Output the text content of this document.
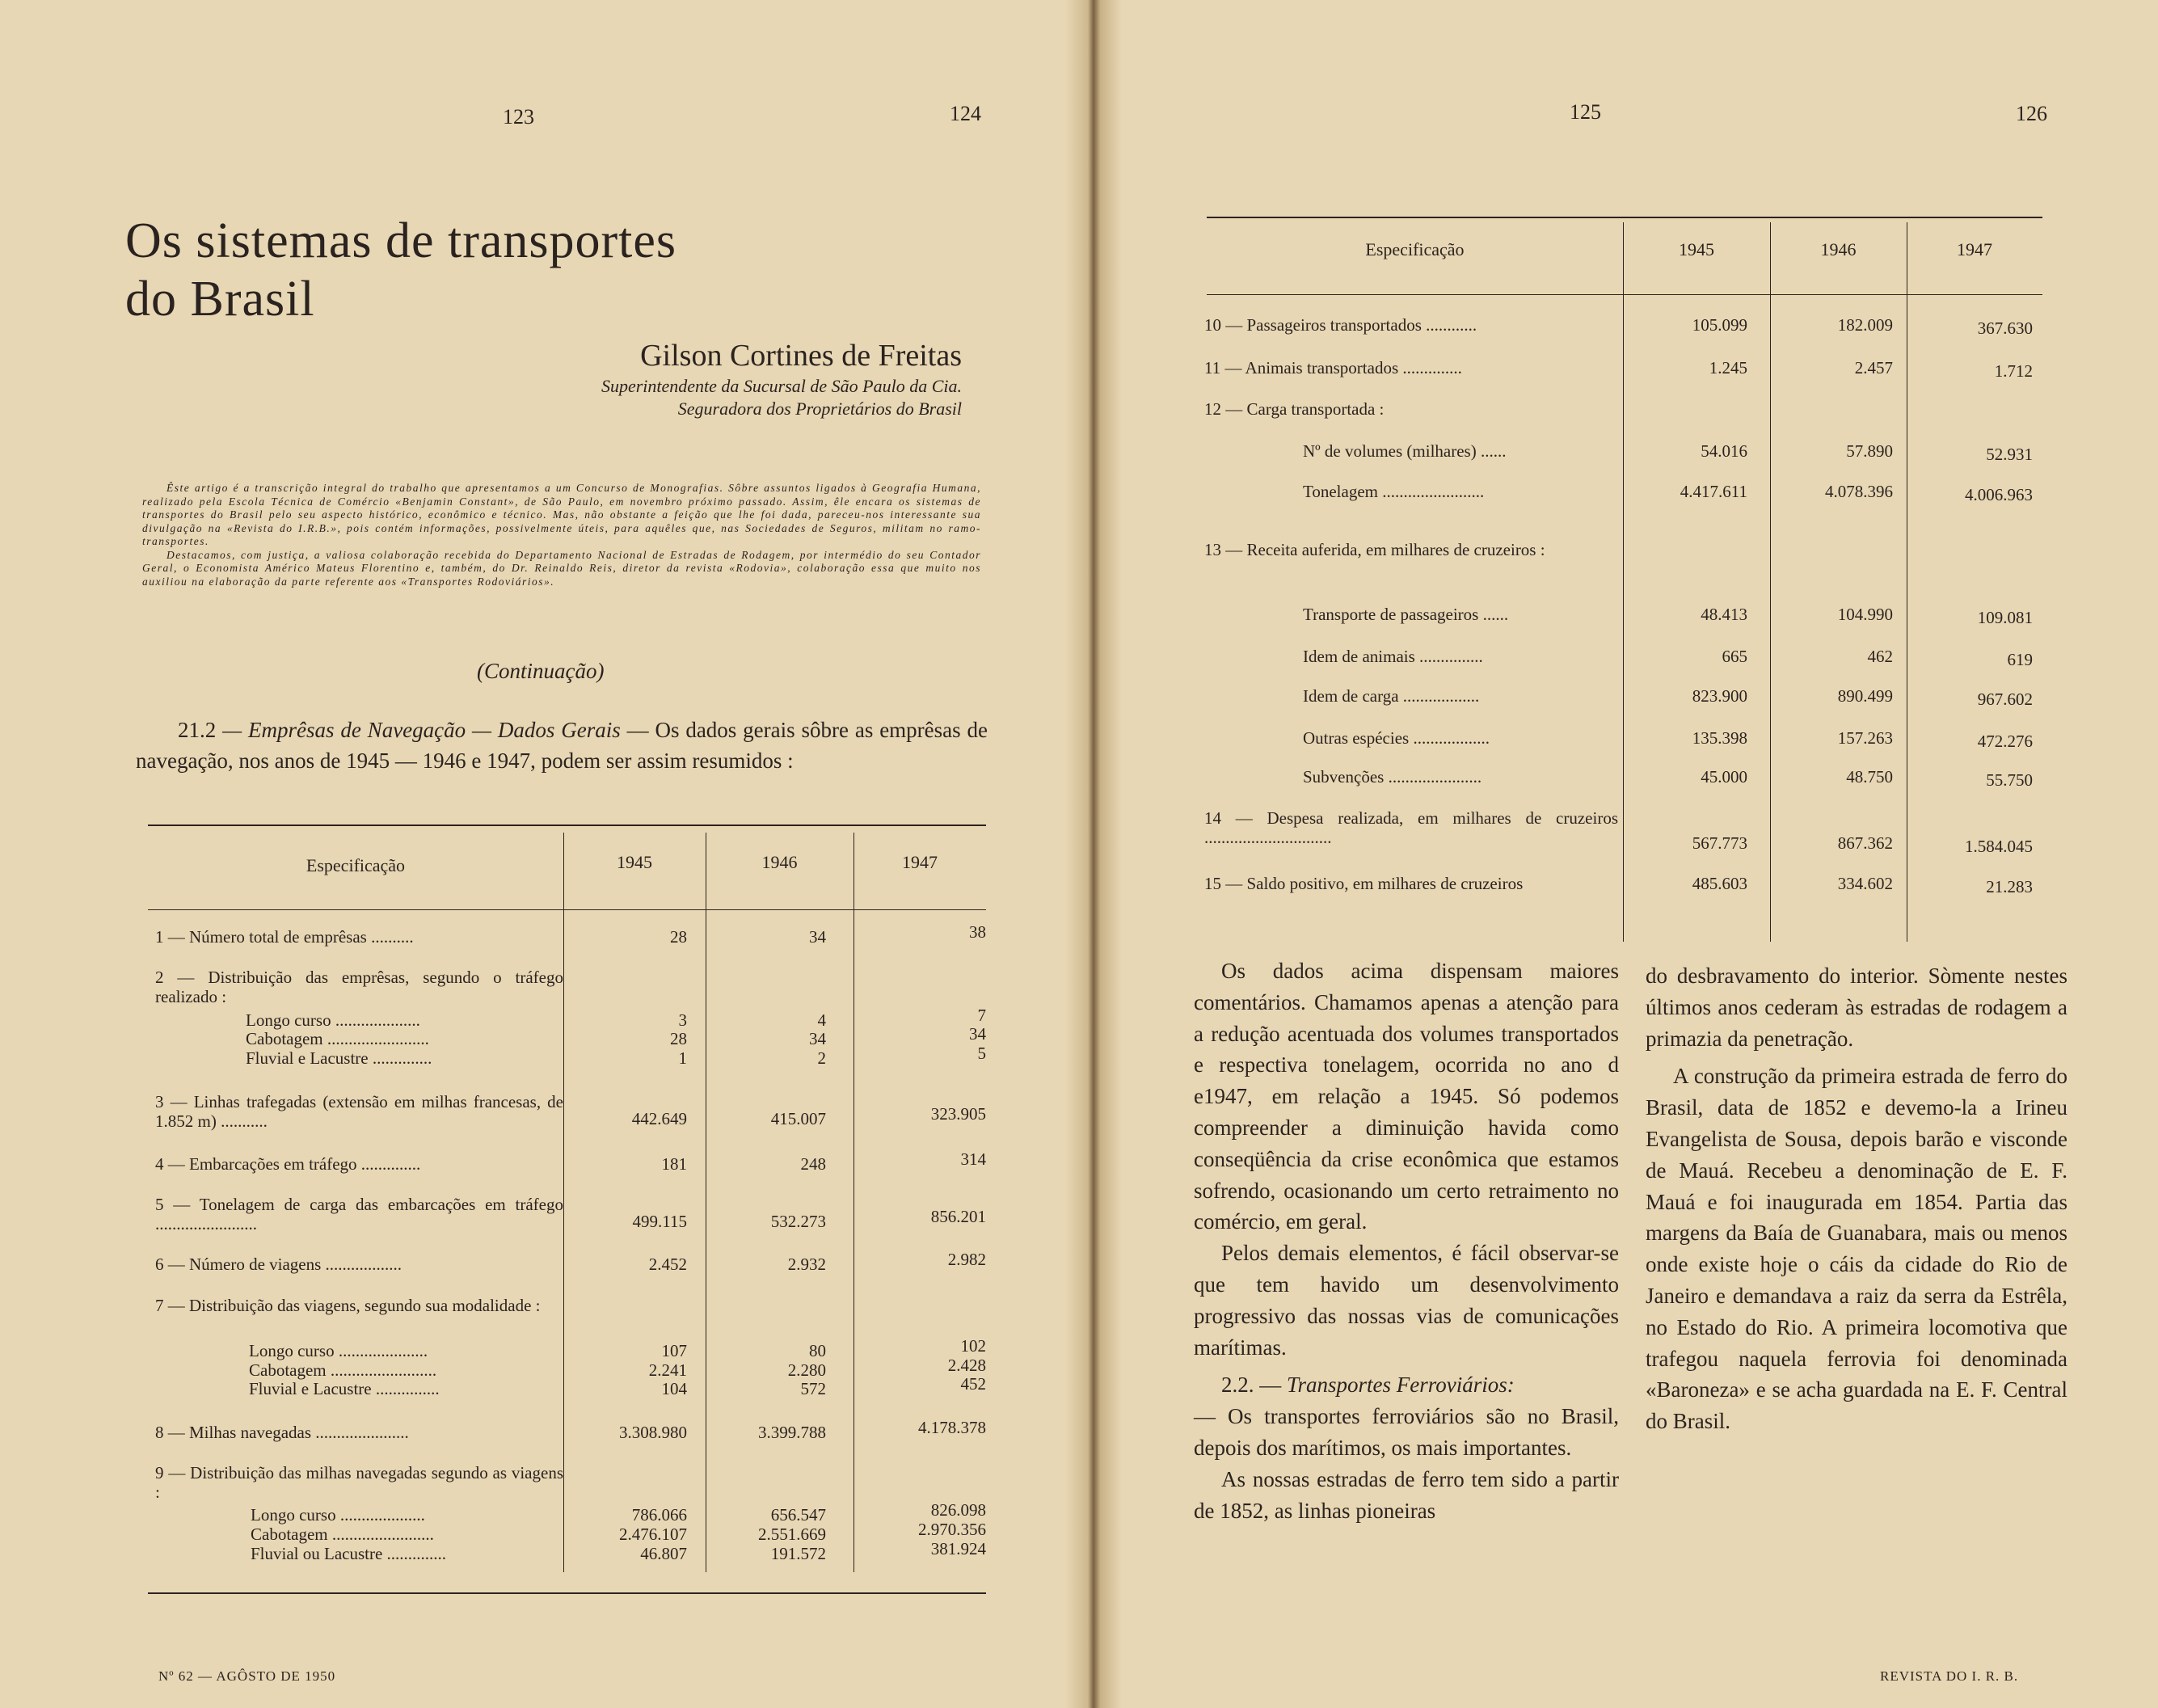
123	124
Os sistemas de transportes
do Brasil
Gilson Cortines de Freitas
Superintendente da Sucursal de São Paulo da Cia. Seguradora dos Proprietários do Brasil
Êste artigo é a transcrição integral do trabalho que apresentamos a um Concurso de Monografias. Sôbre assuntos ligados à Geografia Humana, realizado pela Escola Técnica de Comércio «Benjamin Constant», de São Paulo, em novembro próximo passado. Assim, êle encara os sistemas de transportes do Brasil pelo seu aspecto histórico, econômico e técnico. Mas, não obstante a feição que lhe foi dada, pareceu-nos interessante sua divulgação na «Revista do I.R.B.», pois contém informações, possivelmente úteis, para aquêles que, nas Sociedades de Seguros, militam no ramo-transportes.
Destacamos, com justiça, a valiosa colaboração recebida do Departamento Nacional de Estradas de Rodagem, por intermédio do seu Contador Geral, o Economista Américo Mateus Florentino e, também, do Dr. Reinaldo Reis, diretor da revista «Rodovia», colaboração essa que muito nos auxiliou na elaboração da parte referente aos «Transportes Rodoviários».
(Continuação)
21.2 — Emprêsas de Navegação — Dados Gerais — Os dados gerais sôbre as emprêsas de navegação, nos anos de 1945 — 1946 e 1947, podem ser assim resumidos :
Especificação	1945	1946	1947
1 — Número total de emprêsas ..........	28	34	38
2 — Distribuição das emprêsas, segundo o tráfego realizado :
Longo curso ....................	3	4	7
Cabotagem ........................	28	34	34
Fluvial e Lacustre ..............	1	2	5
3 — Linhas trafegadas (extensão em milhas francesas, de 1.852 m) ...........	442.649	415.007	323.905
4 — Embarcações em tráfego ..............	181	248	314
5 — Tonelagem de carga das embarcações em tráfego ........................	499.115	532.273	856.201
6 — Número de viagens ..................	2.452	2.932	2.982
7 — Distribuição das viagens, segundo sua modalidade :
Longo curso .....................	107	80	102
Cabotagem .........................	2.241	2.280	2.428
Fluvial e Lacustre ...............	104	572	452
8 — Milhas navegadas ......................	3.308.980	3.399.788	4.178.378
9 — Distribuição das milhas navegadas segundo as viagens :
Longo curso ....................	786.066	656.547	826.098
Cabotagem ........................	2.476.107	2.551.669	2.970.356
Fluvial ou Lacustre ..............	46.807	191.572	381.924
125	126
Especificação	1945	1946	1947
10 — Passageiros transportados ............	105.099	182.009	367.630
11 — Animais transportados ..............	1.245	2.457	1.712
12 — Carga transportada :
Nº de volumes (milhares) ......	54.016	57.890	52.931
Tonelagem ........................	4.417.611	4.078.396	4.006.963
13 — Receita auferida, em milhares de cruzeiros :
Transporte de passageiros ......	48.413	104.990	109.081
Idem de animais ...............	665	462	619
Idem de carga ..................	823.900	890.499	967.602
Outras espécies ..................	135.398	157.263	472.276
Subvenções ......................	45.000	48.750	55.750
14 — Despesa realizada, em milhares de cruzeiros ..............................	567.773	867.362	1.584.045
15 — Saldo positivo, em milhares de cruzeiros	485.603	334.602	21.283

Os dados acima dispensam maiores comentários. Chamamos apenas a atenção para a redução acentuada dos volumes transportados e respectiva tonelagem, ocorrida no ano d e1947, em relação a 1945. Só podemos compreender a diminuição havida como conseqüência da crise econômica que estamos sofrendo, ocasionando um certo retraimento no comércio, em geral.

Pelos demais elementos, é fácil observar-se que tem havido um desenvolvimento progressivo das nossas vias de comunicações marítimas.

2.2. — Transportes Ferroviários:

— Os transportes ferroviários são no Brasil, depois dos marítimos, os mais importantes.

As nossas estradas de ferro tem sido a partir de 1852, as linhas pioneiras

do desbravamento do interior. Sòmente nestes últimos anos cederam às estradas de rodagem a primazia da penetração.

A construção da primeira estrada de ferro do Brasil, data de 1852 e devemo-la a Irineu Evangelista de Sousa, depois barão e visconde de Mauá. Recebeu a denominação de E. F. Mauá e foi inaugurada em 1854. Partia das margens da Baía de Guanabara, mais ou menos onde existe hoje o cáis da cidade do Rio de Janeiro e demandava a raiz da serra da Estrêla, no Estado do Rio. A primeira locomotiva que trafegou naquela ferrovia foi denominada «Baroneza» e se acha guardada na E. F. Central do Brasil.

Nº 62 — AGÔSTO DE 1950	REVISTA DO I. R. B.
